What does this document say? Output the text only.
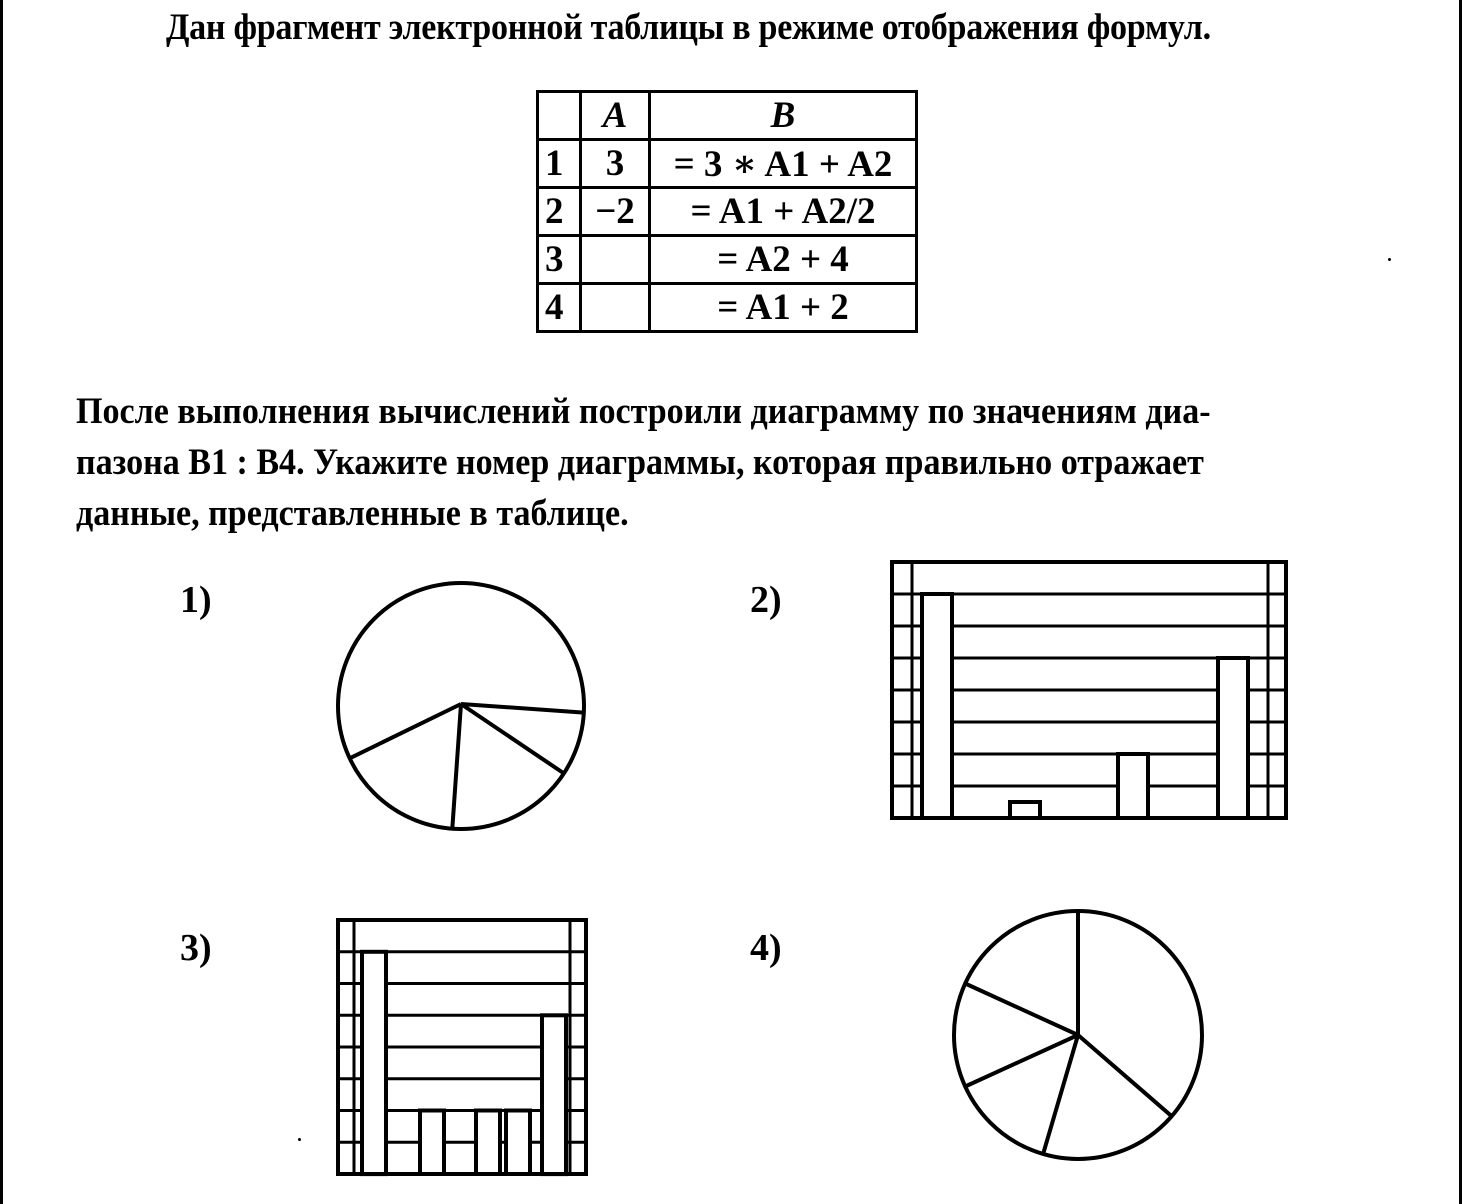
Дан фрагмент электронной таблицы в режиме отображения формул.
	A	B
1	3	= 3 ∗ A1 + A2
2	−2	= A1 + A2/2
3		= A2 + 4
4		= A1 + 2
После выполнения вычислений построили диаграмму по значениям диа-
пазона B1 : B4. Укажите номер диаграммы, которая правильно отражает
данные, представленные в таблице.
1)	2)
3)	4)
